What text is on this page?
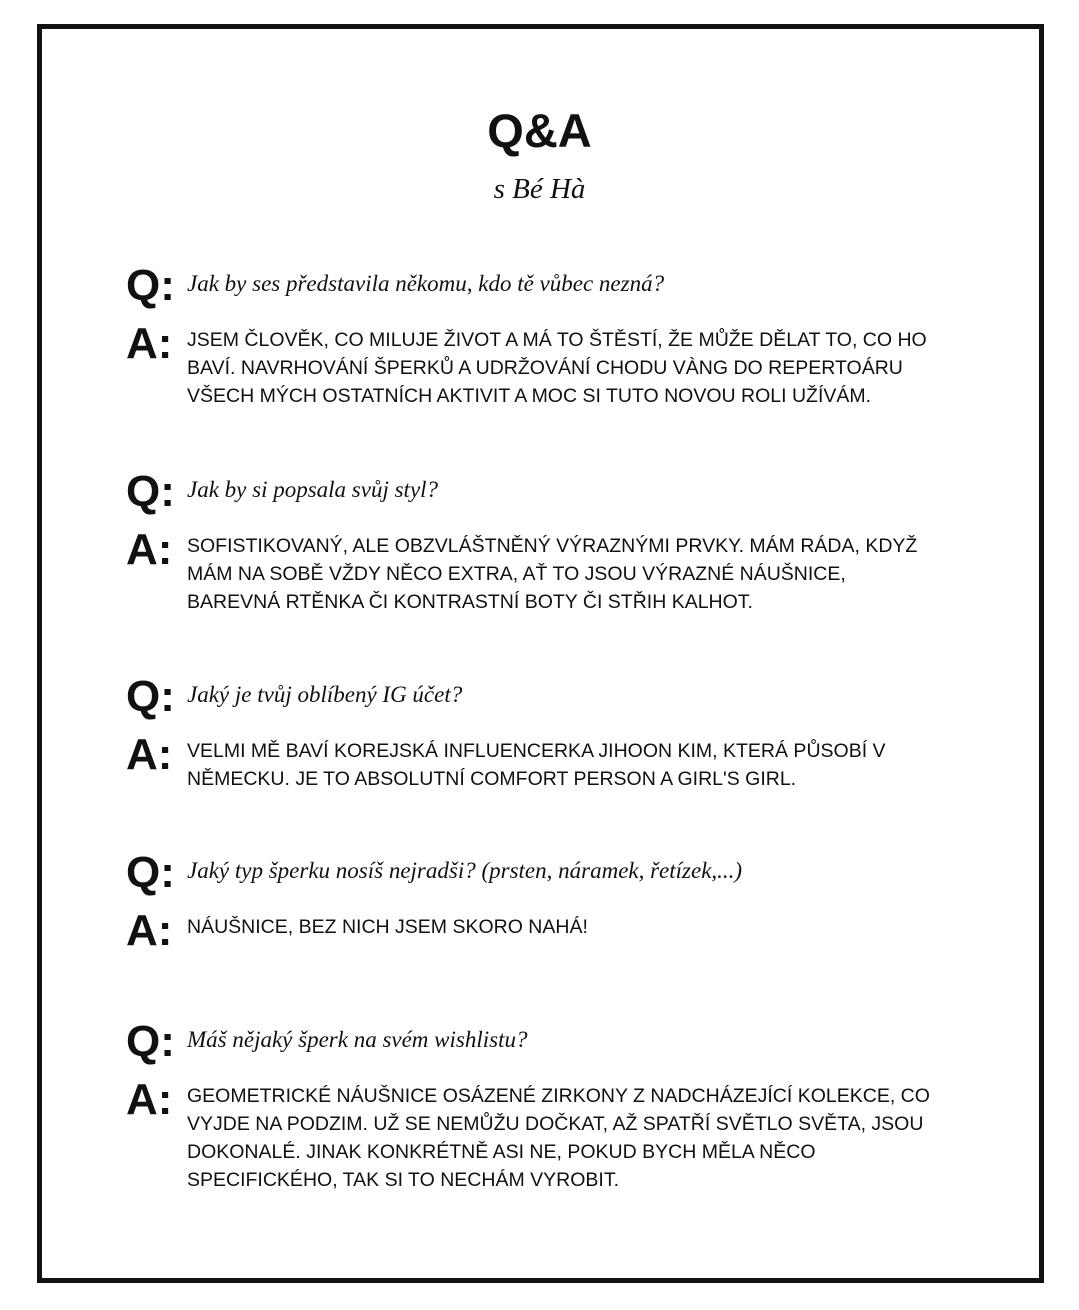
Q&A
s Bé Hà
Q: Jak by ses představila někomu, kdo tě vůbec nezná?
A: JSEM ČLOVĚK, CO MILUJE ŽIVOT A MÁ TO ŠTĚSTÍ, ŽE MŮŽE DĚLAT TO, CO HO
BAVÍ. NAVRHOVÁNÍ ŠPERKŮ A UDRŽOVÁNÍ CHODU VÀNG DO REPERTOÁRU
VŠECH MÝCH OSTATNÍCH AKTIVIT A MOC SI TUTO NOVOU ROLI UŽÍVÁM.
Q: Jak by si popsala svůj styl?
A: SOFISTIKOVANÝ, ALE OBZVLÁŠTNĚNÝ VÝRAZNÝMI PRVKY. MÁM RÁDA, KDYŽ
MÁM NA SOBĚ VŽDY NĚCO EXTRA, AŤ TO JSOU VÝRAZNÉ NÁUŠNICE,
BAREVNÁ RTĚNKA ČI KONTRASTNÍ BOTY ČI STŘIH KALHOT.
Q: Jaký je tvůj oblíbený IG účet?
A: VELMI MĚ BAVÍ KOREJSKÁ INFLUENCERKA JIHOON KIM, KTERÁ PŮSOBÍ V
NĚMECKU. JE TO ABSOLUTNÍ COMFORT PERSON A GIRL'S GIRL.
Q: Jaký typ šperku nosíš nejradši? (prsten, náramek, řetízek,...)
A: NÁUŠNICE, BEZ NICH JSEM SKORO NAHÁ!
Q: Máš nějaký šperk na svém wishlistu?
A: GEOMETRICKÉ NÁUŠNICE OSÁZENÉ ZIRKONY Z NADCHÁZEJÍCÍ KOLEKCE, CO
VYJDE NA PODZIM. UŽ SE NEMŮŽU DOČKAT, AŽ SPATŘÍ SVĚTLO SVĚTA, JSOU
DOKONALÉ. JINAK KONKRÉTNĚ ASI NE, POKUD BYCH MĚLA NĚCO
SPECIFICKÉHO, TAK SI TO NECHÁM VYROBIT.
